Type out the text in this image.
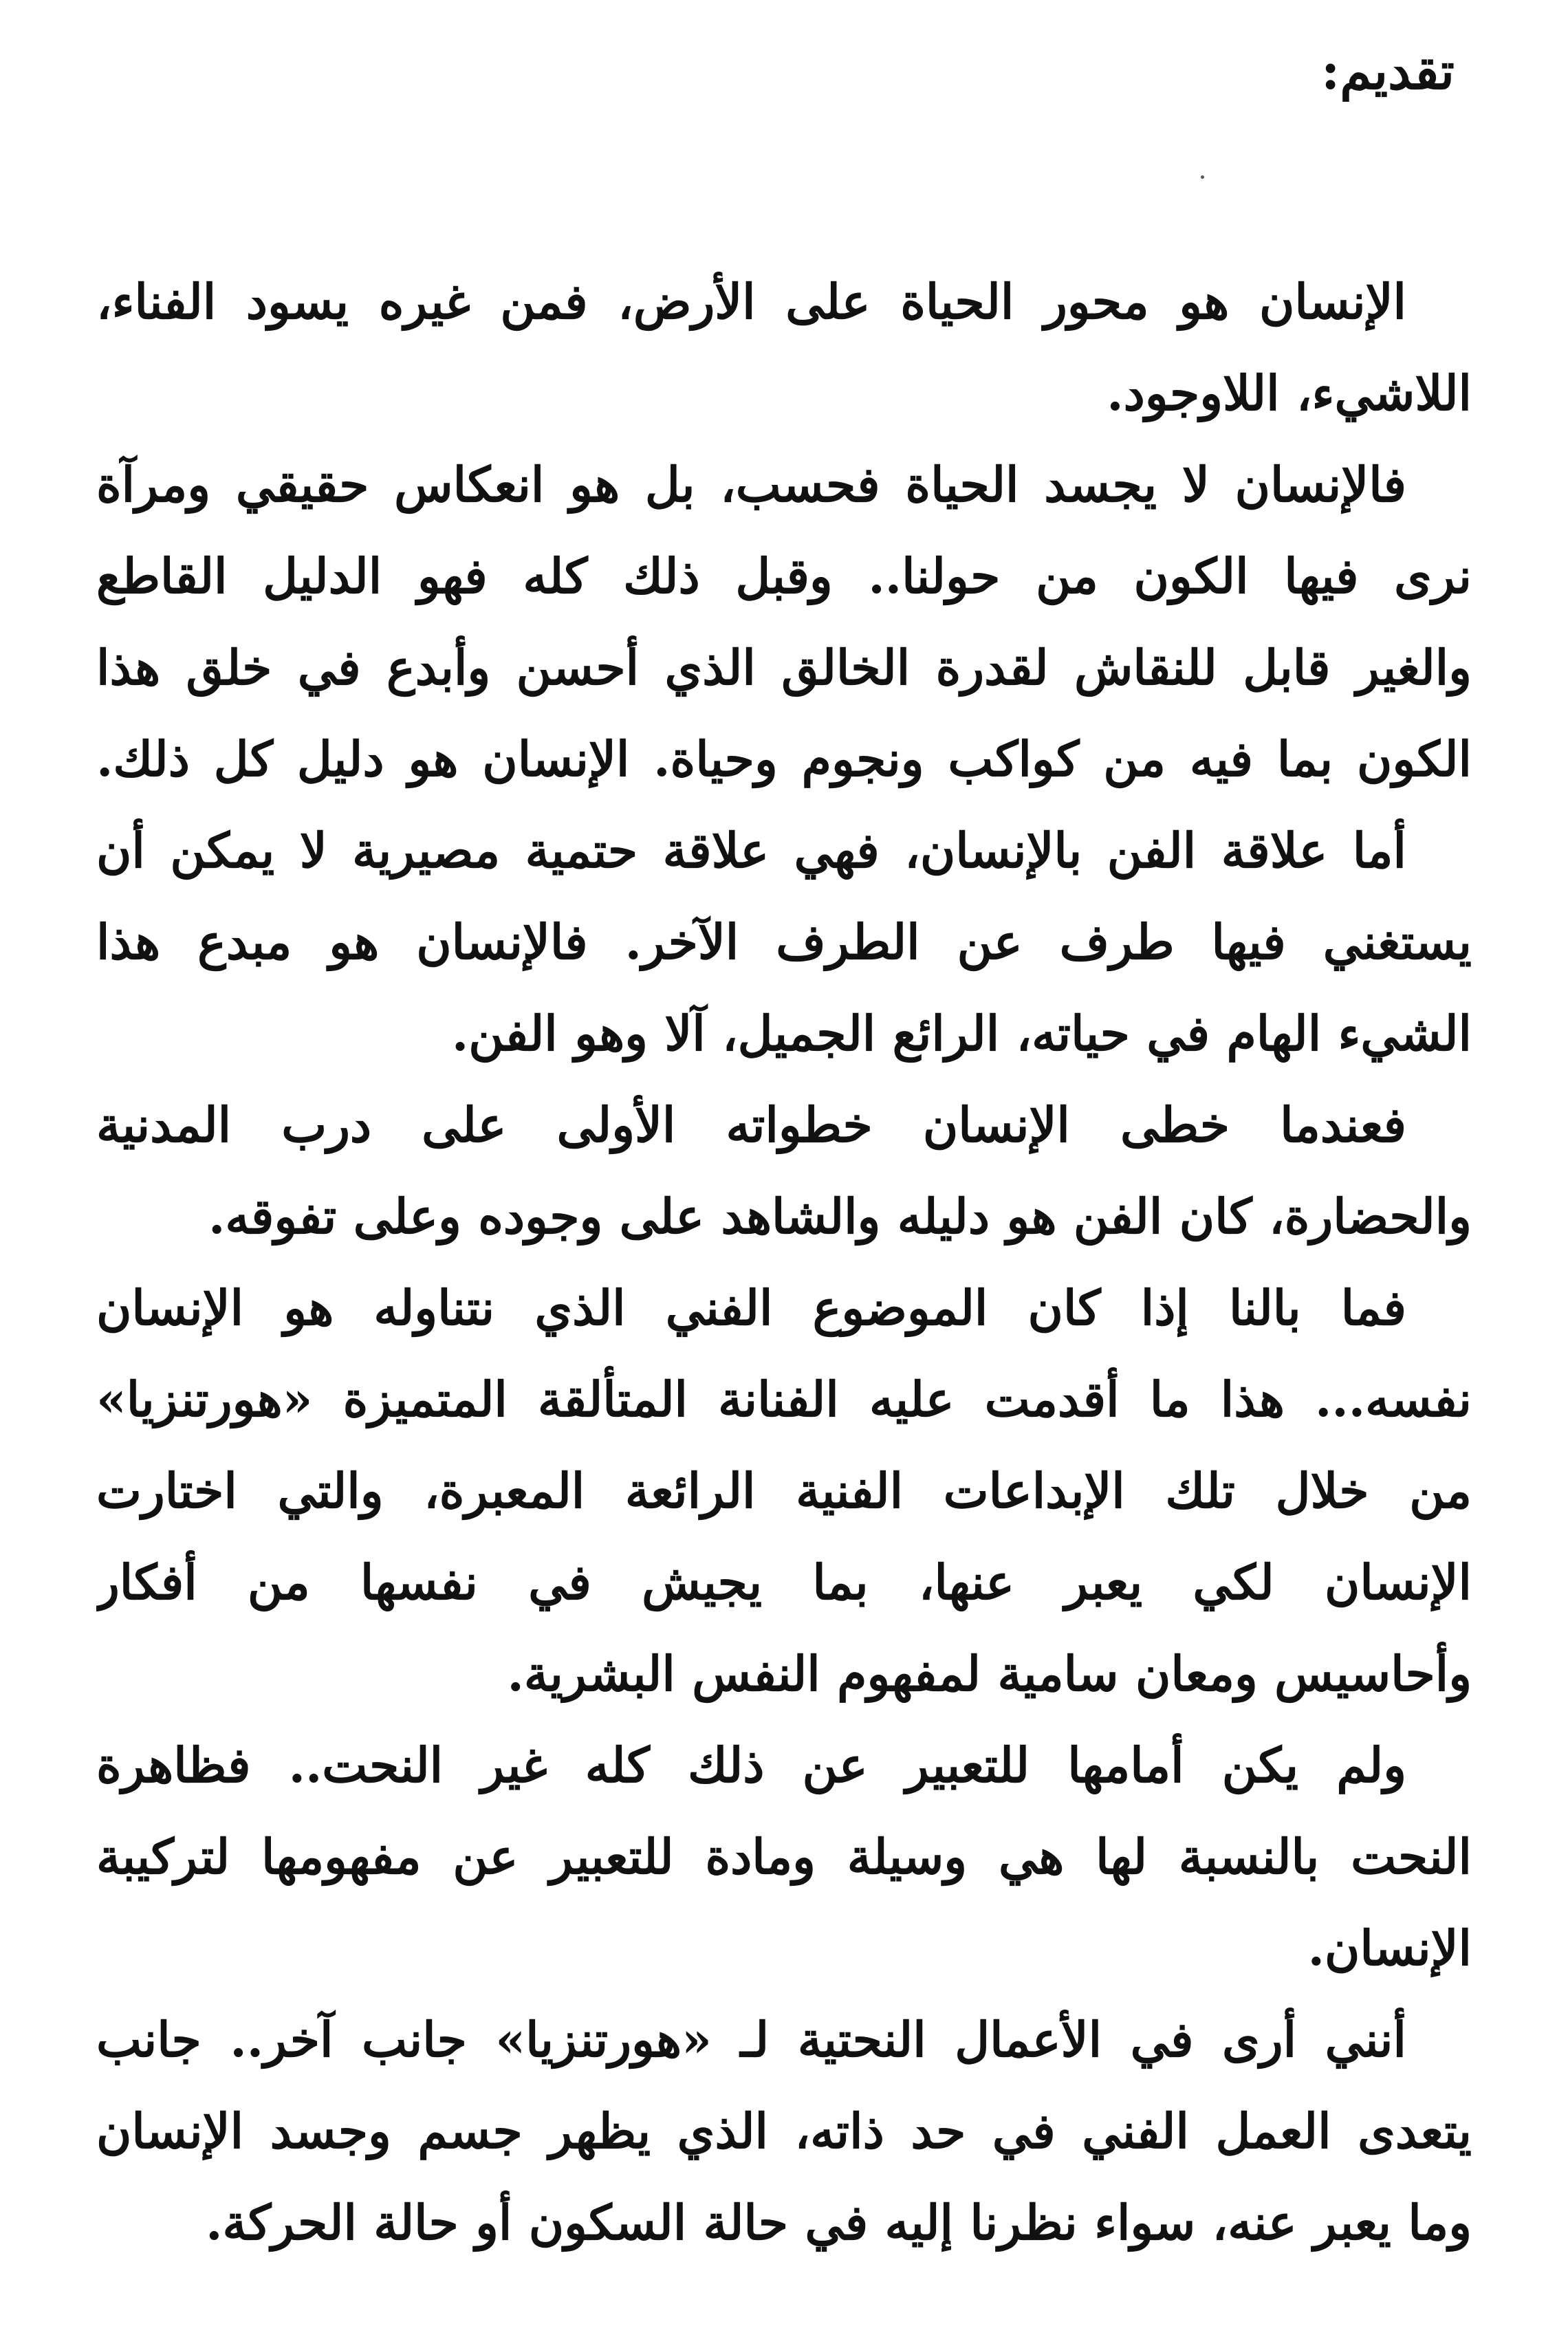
تقديم:
الإنسان هو محور الحياة على الأرض، فمن غيره يسود الفناء،
اللاشيء، اللاوجود.
فالإنسان لا يجسد الحياة فحسب، بل هو انعكاس حقيقي ومرآة
نرى فيها الكون من حولنا.. وقبل ذلك كله فهو الدليل القاطع
والغير قابل للنقاش لقدرة الخالق الذي أحسن وأبدع في خلق هذا
الكون بما فيه من كواكب ونجوم وحياة. الإنسان هو دليل كل ذلك.
أما علاقة الفن بالإنسان، فهي علاقة حتمية مصيرية لا يمكن أن
يستغني فيها طرف عن الطرف الآخر. فالإنسان هو مبدع هذا
الشيء الهام في حياته، الرائع الجميل، آلا وهو الفن.
فعندما خطى الإنسان خطواته الأولى على درب المدنية
والحضارة، كان الفن هو دليله والشاهد على وجوده وعلى تفوقه.
فما بالنا إذا كان الموضوع الفني الذي نتناوله هو الإنسان
نفسه... هذا ما أقدمت عليه الفنانة المتألقة المتميزة «هورتنزيا»
من خلال تلك الإبداعات الفنية الرائعة المعبرة، والتي اختارت
الإنسان لكي يعبر عنها، بما يجيش في نفسها من أفكار
وأحاسيس ومعان سامية لمفهوم النفس البشرية.
ولم يكن أمامها للتعبير عن ذلك كله غير النحت.. فظاهرة
النحت بالنسبة لها هي وسيلة ومادة للتعبير عن مفهومها لتركيبة
الإنسان.
أنني أرى في الأعمال النحتية لـ «هورتنزيا» جانب آخر.. جانب
يتعدى العمل الفني في حد ذاته، الذي يظهر جسم وجسد الإنسان
وما يعبر عنه، سواء نظرنا إليه في حالة السكون أو حالة الحركة.
